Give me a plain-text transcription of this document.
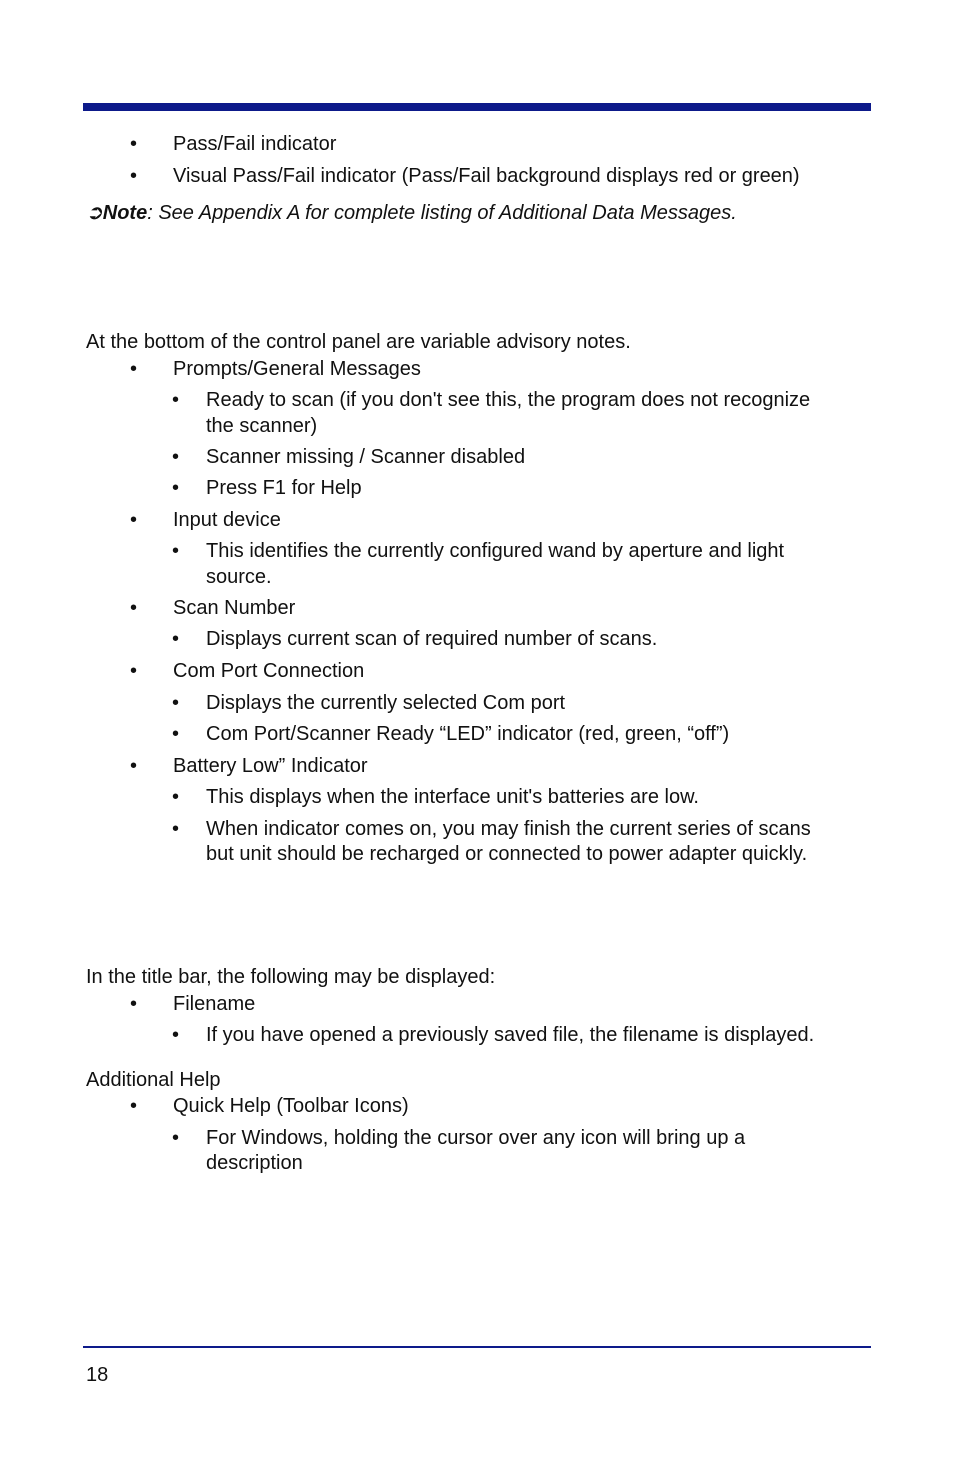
• Pass/Fail indicator
• Visual Pass/Fail indicator (Pass/Fail background displays red or green)
➲Note: See Appendix A for complete listing of Additional Data Messages.
At the bottom of the control panel are variable advisory notes.
• Prompts/General Messages
• Ready to scan (if you don't see this, the program does not recognize
the scanner)
• Scanner missing / Scanner disabled
• Press F1 for Help
• Input device
• This identifies the currently configured wand by aperture and light
source.
• Scan Number
• Displays current scan of required number of scans.
• Com Port Connection
• Displays the currently selected Com port
• Com Port/Scanner Ready “LED” indicator (red, green, “off”)
• Battery Low” Indicator
• This displays when the interface unit's batteries are low.
• When indicator comes on, you may finish the current series of scans
but unit should be recharged or connected to power adapter quickly.
In the title bar, the following may be displayed:
• Filename
• If you have opened a previously saved file, the filename is displayed.
Additional Help
• Quick Help (Toolbar Icons)
• For Windows, holding the cursor over any icon will bring up a
description
18
